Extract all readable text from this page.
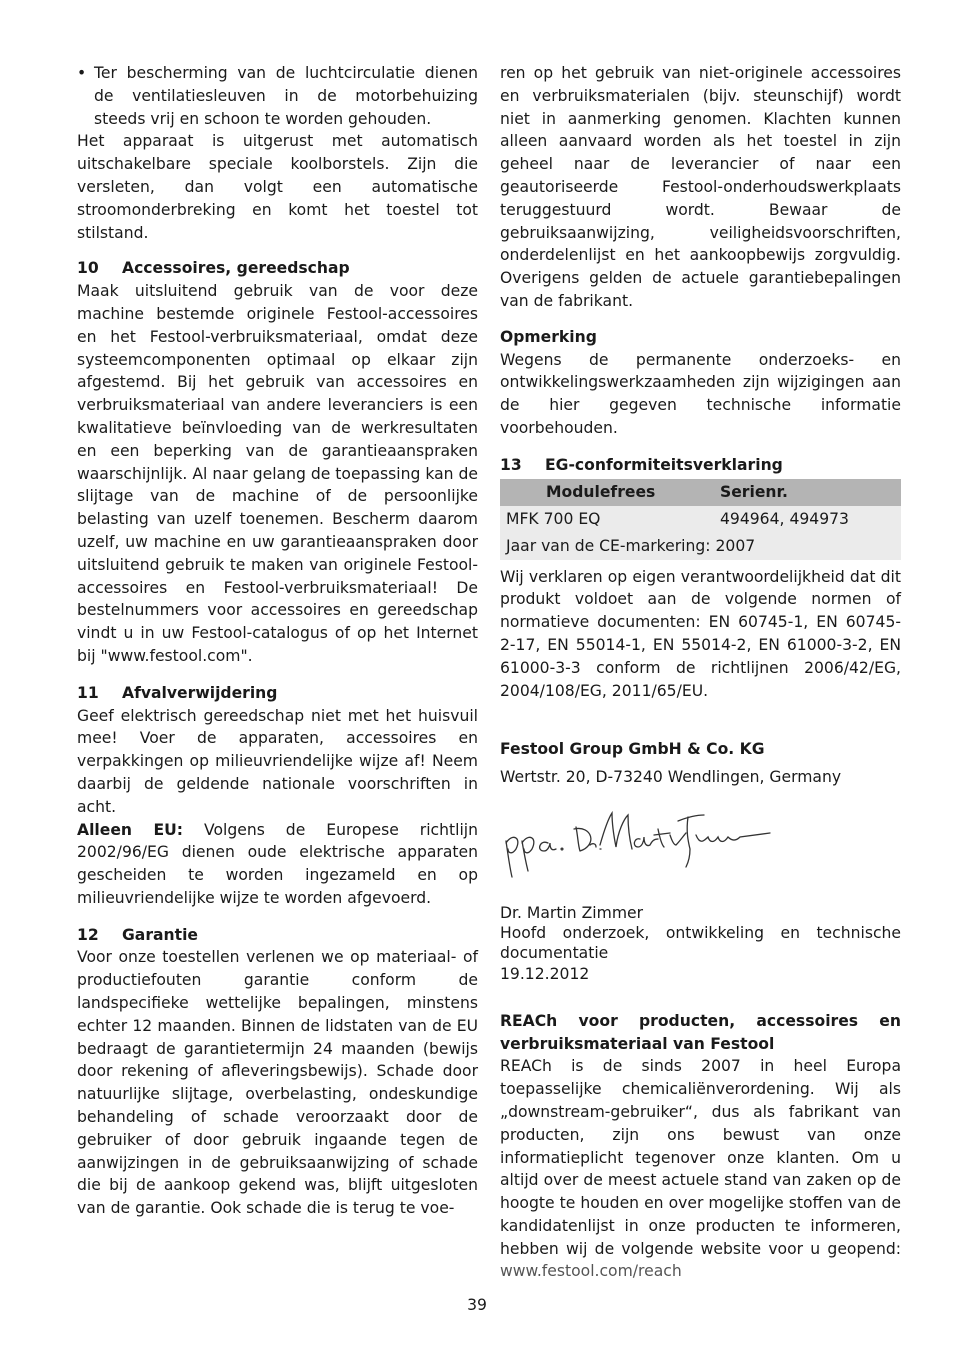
• Ter bescherming van de luchtcirculatie dienen de ventilatiesleuven in de motorbehuizing steeds vrij en schoon te worden gehouden.

Het apparaat is uitgerust met automatisch uitschakelbare speciale koolborstels. Zijn die versleten, dan volgt een automatische stroomonderbreking en komt het toestel tot stilstand.

10	Accessoires, gereedschap

Maak uitsluitend gebruik van de voor deze machine bestemde originele Festool-accessoires en het Festool-verbruiksmateriaal, omdat deze systeemcomponenten optimaal op elkaar zijn afgestemd. Bij het gebruik van accessoires en verbruiksmateriaal van andere leveranciers is een kwalitatieve beïnvloeding van de werkresultaten en een beperking van de garantieaanspraken waarschijnlijk. Al naar gelang de toepassing kan de slijtage van de machine of de persoonlijke belasting van uzelf toenemen. Bescherm daarom uzelf, uw machine en uw garantieaanspraken door uitsluitend gebruik te maken van originele Festool-accessoires en Festool-verbruiksmateriaal! De bestelnummers voor accessoires en gereedschap vindt u in uw Festool-catalogus of op het Internet bij "www.festool.com".

11	Afvalverwijdering

Geef elektrisch gereedschap niet met het huisvuil mee! Voer de apparaten, accessoires en verpakkingen op milieuvriendelijke wijze af! Neem daarbij de geldende nationale voorschriften in acht.

Alleen EU: Volgens de Europese richtlijn 2002/96/EG dienen oude elektrische apparaten gescheiden te worden ingezameld en op milieuvriendelijke wijze te worden afgevoerd.

12	Garantie

Voor onze toestellen verlenen we op materiaal- of productiefouten garantie conform de landspecifieke wettelijke bepalingen, minstens echter 12 maanden. Binnen de lidstaten van de EU bedraagt de garantietermijn 24 maanden (bewijs door rekening of afleveringsbewijs). Schade door natuurlijke slijtage, overbelasting, ondeskundige behandeling of schade veroorzaakt door de gebruiker of door gebruik ingaande tegen de aanwijzingen in de gebruiksaanwijzing of schade die bij de aankoop gekend was, blijft uitgesloten van de garantie. Ook schade die is terug te voe-

ren op het gebruik van niet-originele accessoires en verbruiksmaterialen (bijv. steunschijf) wordt niet in aanmerking genomen. Klachten kunnen alleen aanvaard worden als het toestel in zijn geheel naar de leverancier of naar een geautoriseerde Festool-onderhoudswerkplaats teruggestuurd wordt. Bewaar de gebruiksaanwijzing, veiligheidsvoorschriften, onderdelenlijst en het aankoopbewijs zorgvuldig. Overigens gelden de actuele garantiebepalingen van de fabrikant.

Opmerking

Wegens de permanente onderzoeks- en ontwikkelingswerkzaamheden zijn wijzigingen aan de hier gegeven technische informatie voorbehouden.

13	EG-conformiteitsverklaring
Modulefrees	Serienr.
MFK 700 EQ	494964, 494973
Jaar van de CE-markering: 2007	

Wij verklaren op eigen verantwoordelijkheid dat dit produkt voldoet aan de volgende normen of normatieve documenten: EN 60745-1, EN 60745-2-17, EN 55014-1, EN 55014-2, EN 61000-3-2, EN 61000-3-3 conform de richtlijnen 2006/42/EG, 2004/108/EG, 2011/65/EU.

Festool Group GmbH & Co. KG

Wertstr. 20, D-73240 Wendlingen, Germany

Dr. Martin Zimmer

Hoofd onderzoek, ontwikkeling en technische documentatie

19.12.2012

REACh voor producten, accessoires en verbruiksmateriaal van Festool

REACh is de sinds 2007 in heel Europa toepasselijke chemicaliënverordening. Wij als „downstream-gebruiker“, dus als fabrikant van producten, zijn ons bewust van onze informatieplicht tegenover onze klanten. Om u altijd over de meest actuele stand van zaken op de hoogte te houden en over mogelijke stoffen van de kandidatenlijst in onze producten te informeren, hebben wij de volgende website voor u geopend: www.festool.com/reach

39
